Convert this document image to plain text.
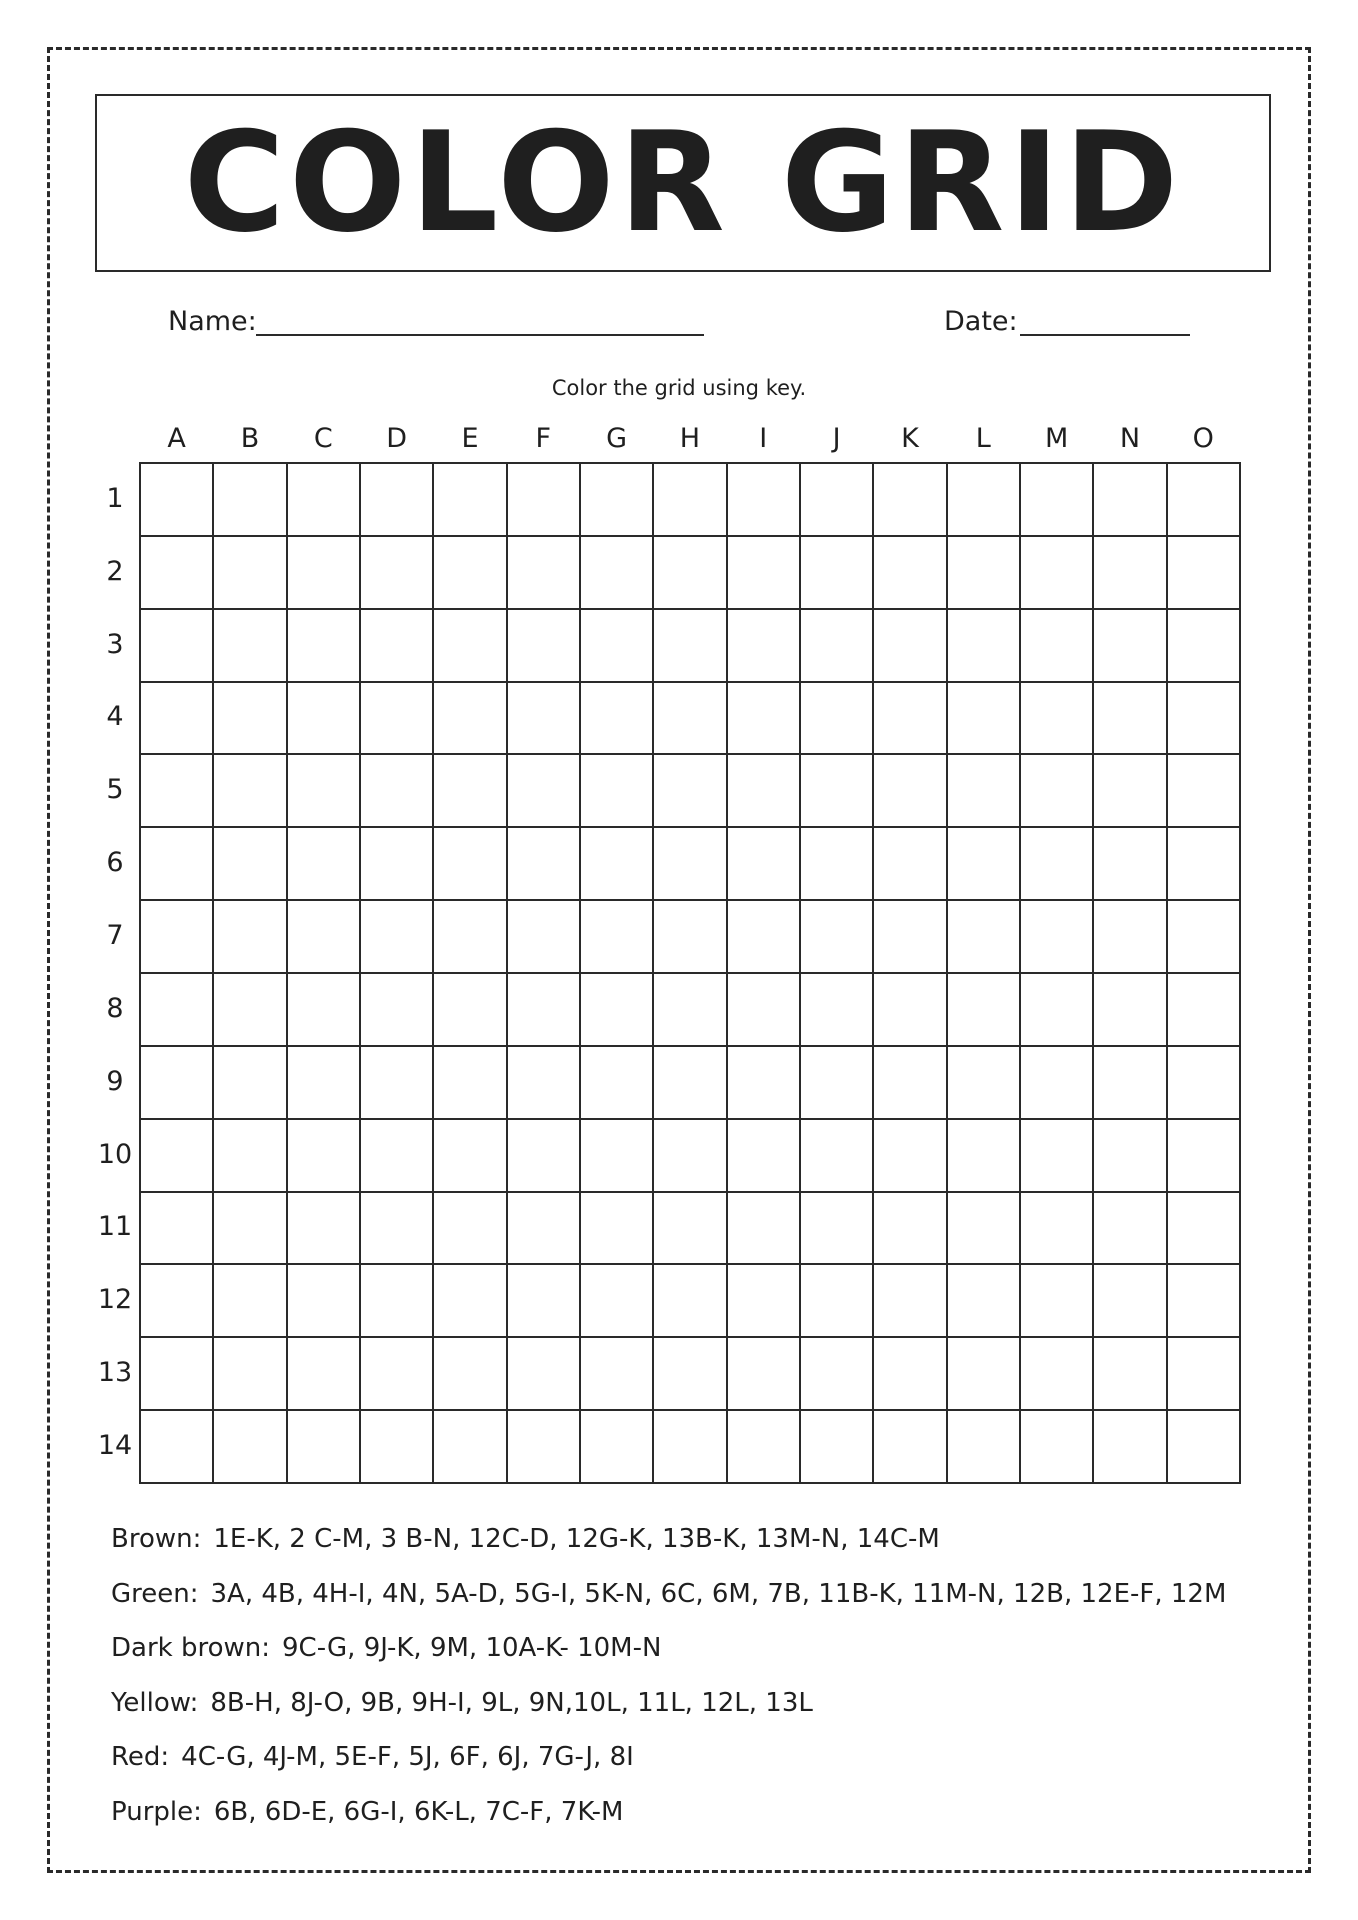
COLOR GRID
Name:	Date:
Color the grid using key.
A	B	C	D	E	F	G	H	I	J	K	L	M	N	O
1
2
3
4
5
6
7
8
9
10
11
12
13
14
Brown: 1E-K, 2 C-M, 3 B-N, 12C-D, 12G-K, 13B-K, 13M-N, 14C-M
Green: 3A, 4B, 4H-I, 4N, 5A-D, 5G-I, 5K-N, 6C, 6M, 7B, 11B-K, 11M-N, 12B, 12E-F, 12M
Dark brown: 9C-G, 9J-K, 9M, 10A-K- 10M-N
Yellow: 8B-H, 8J-O, 9B, 9H-I, 9L, 9N,10L, 11L, 12L, 13L
Red: 4C-G, 4J-M, 5E-F, 5J, 6F, 6J, 7G-J, 8I
Purple: 6B, 6D-E, 6G-I, 6K-L, 7C-F, 7K-M
